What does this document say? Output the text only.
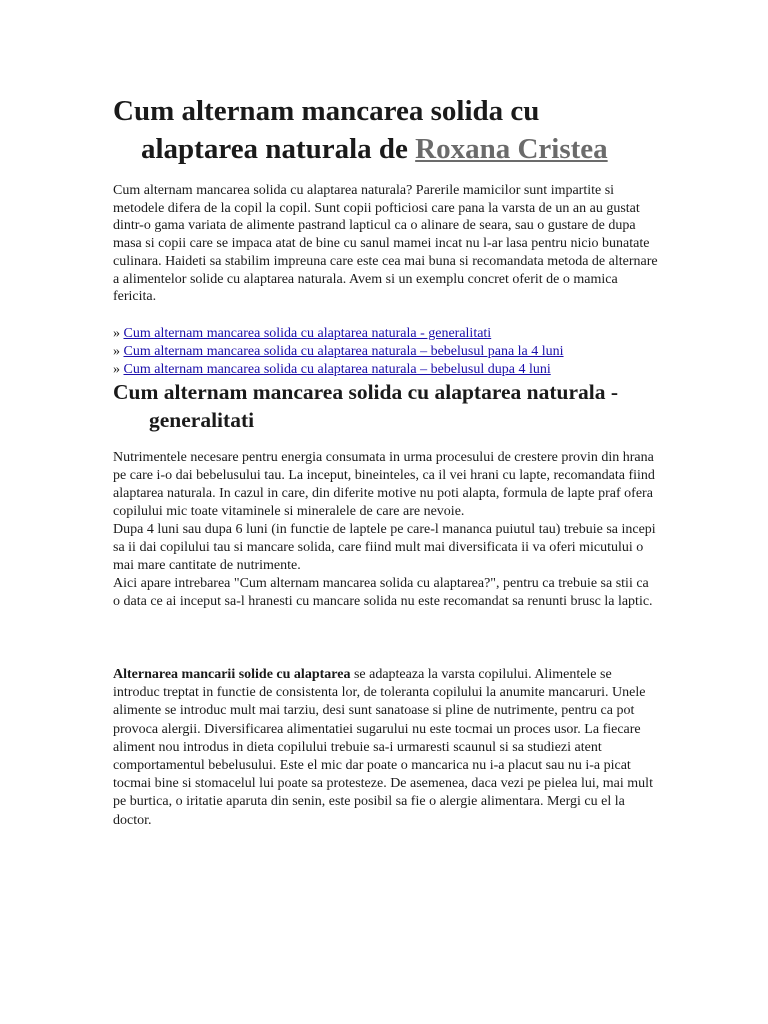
Cum alternam mancarea solida cu
alaptarea naturala de Roxana Cristea

Cum alternam mancarea solida cu alaptarea naturala? Parerile mamicilor sunt impartite si metodele difera de la copil la copil. Sunt copii pofticiosi care pana la varsta de un an au gustat dintr-o gama variata de alimente pastrand lapticul ca o alinare de seara, sau o gustare de dupa masa si copii care se impaca atat de bine cu sanul mamei incat nu l-ar lasa pentru nicio bunatate culinara. Haideti sa stabilim impreuna care este cea mai buna si recomandata metoda de alternare a alimentelor solide cu alaptarea naturala. Avem si un exemplu concret oferit de o mamica fericita.

» Cum alternam mancarea solida cu alaptarea naturala - generalitati
» Cum alternam mancarea solida cu alaptarea naturala – bebelusul pana la 4 luni
» Cum alternam mancarea solida cu alaptarea naturala – bebelusul dupa 4 luni
Cum alternam mancarea solida cu alaptarea naturala -
generalitati
Nutrimentele necesare pentru energia consumata in urma procesului de crestere provin din hrana pe care i-o dai bebelusului tau. La inceput, bineinteles, ca il vei hrani cu lapte, recomandata fiind alaptarea naturala. In cazul in care, din diferite motive nu poti alapta, formula de lapte praf ofera copilului mic toate vitaminele si mineralele de care are nevoie.
Dupa 4 luni sau dupa 6 luni (in functie de laptele pe care-l mananca puiutul tau) trebuie sa incepi sa ii dai copilului tau si mancare solida, care fiind mult mai diversificata ii va oferi micutului o mai mare cantitate de nutrimente.
Aici apare intrebarea "Cum alternam mancarea solida cu alaptarea?", pentru ca trebuie sa stii ca o data ce ai inceput sa-l hranesti cu mancare solida nu este recomandat sa renunti brusc la laptic.

Alternarea mancarii solide cu alaptarea se adapteaza la varsta copilului. Alimentele se introduc treptat in functie de consistenta lor, de toleranta copilului la anumite mancaruri. Unele alimente se introduc mult mai tarziu, desi sunt sanatoase si pline de nutrimente, pentru ca pot provoca alergii. Diversificarea alimentatiei sugarului nu este tocmai un proces usor. La fiecare aliment nou introdus in dieta copilului trebuie sa-i urmaresti scaunul si sa studiezi atent comportamentul bebelusului. Este el mic dar poate o mancarica nu i-a placut sau nu i-a picat tocmai bine si stomacelul lui poate sa protesteze. De asemenea, daca vezi pe pielea lui, mai mult pe burtica, o iritatie aparuta din senin, este posibil sa fie o alergie alimentara. Mergi cu el la doctor.
